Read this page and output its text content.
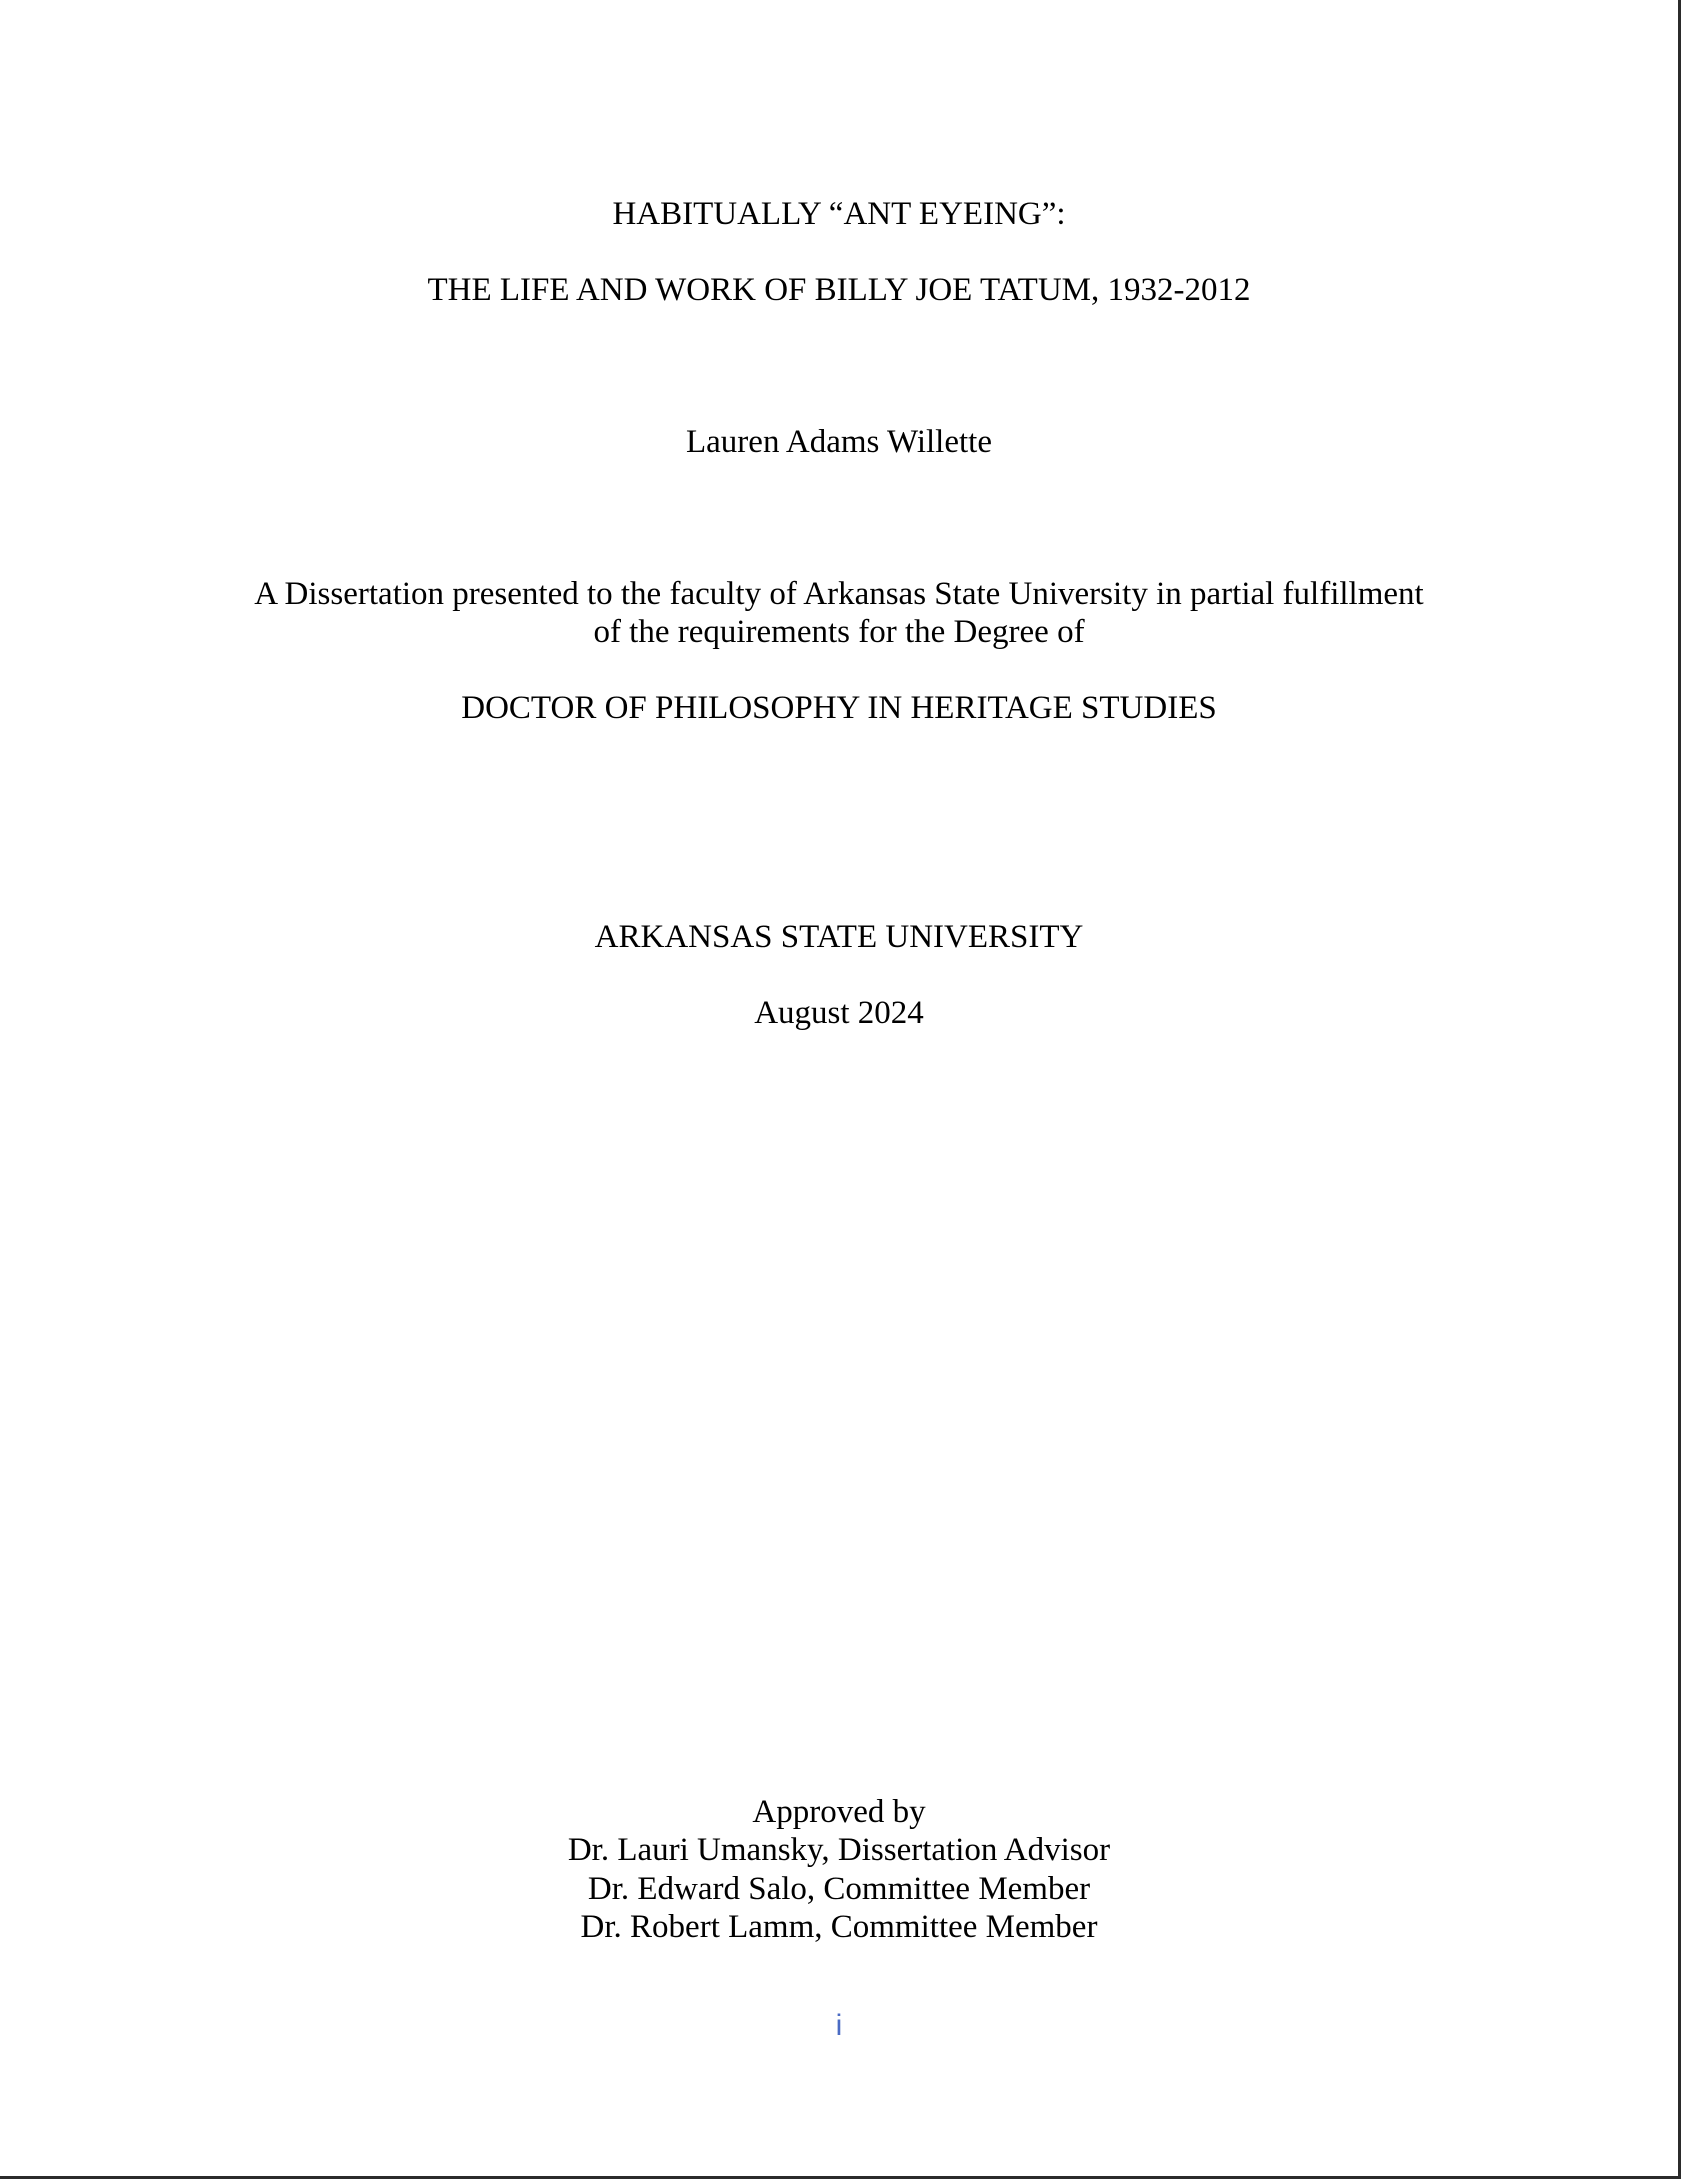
HABITUALLY “ANT EYEING”:
THE LIFE AND WORK OF BILLY JOE TATUM, 1932-2012
Lauren Adams Willette
A Dissertation presented to the faculty of Arkansas State University in partial fulfillment
of the requirements for the Degree of
DOCTOR OF PHILOSOPHY IN HERITAGE STUDIES
ARKANSAS STATE UNIVERSITY
August 2024
Approved by
Dr. Lauri Umansky, Dissertation Advisor
Dr. Edward Salo, Committee Member
Dr. Robert Lamm, Committee Member
i
